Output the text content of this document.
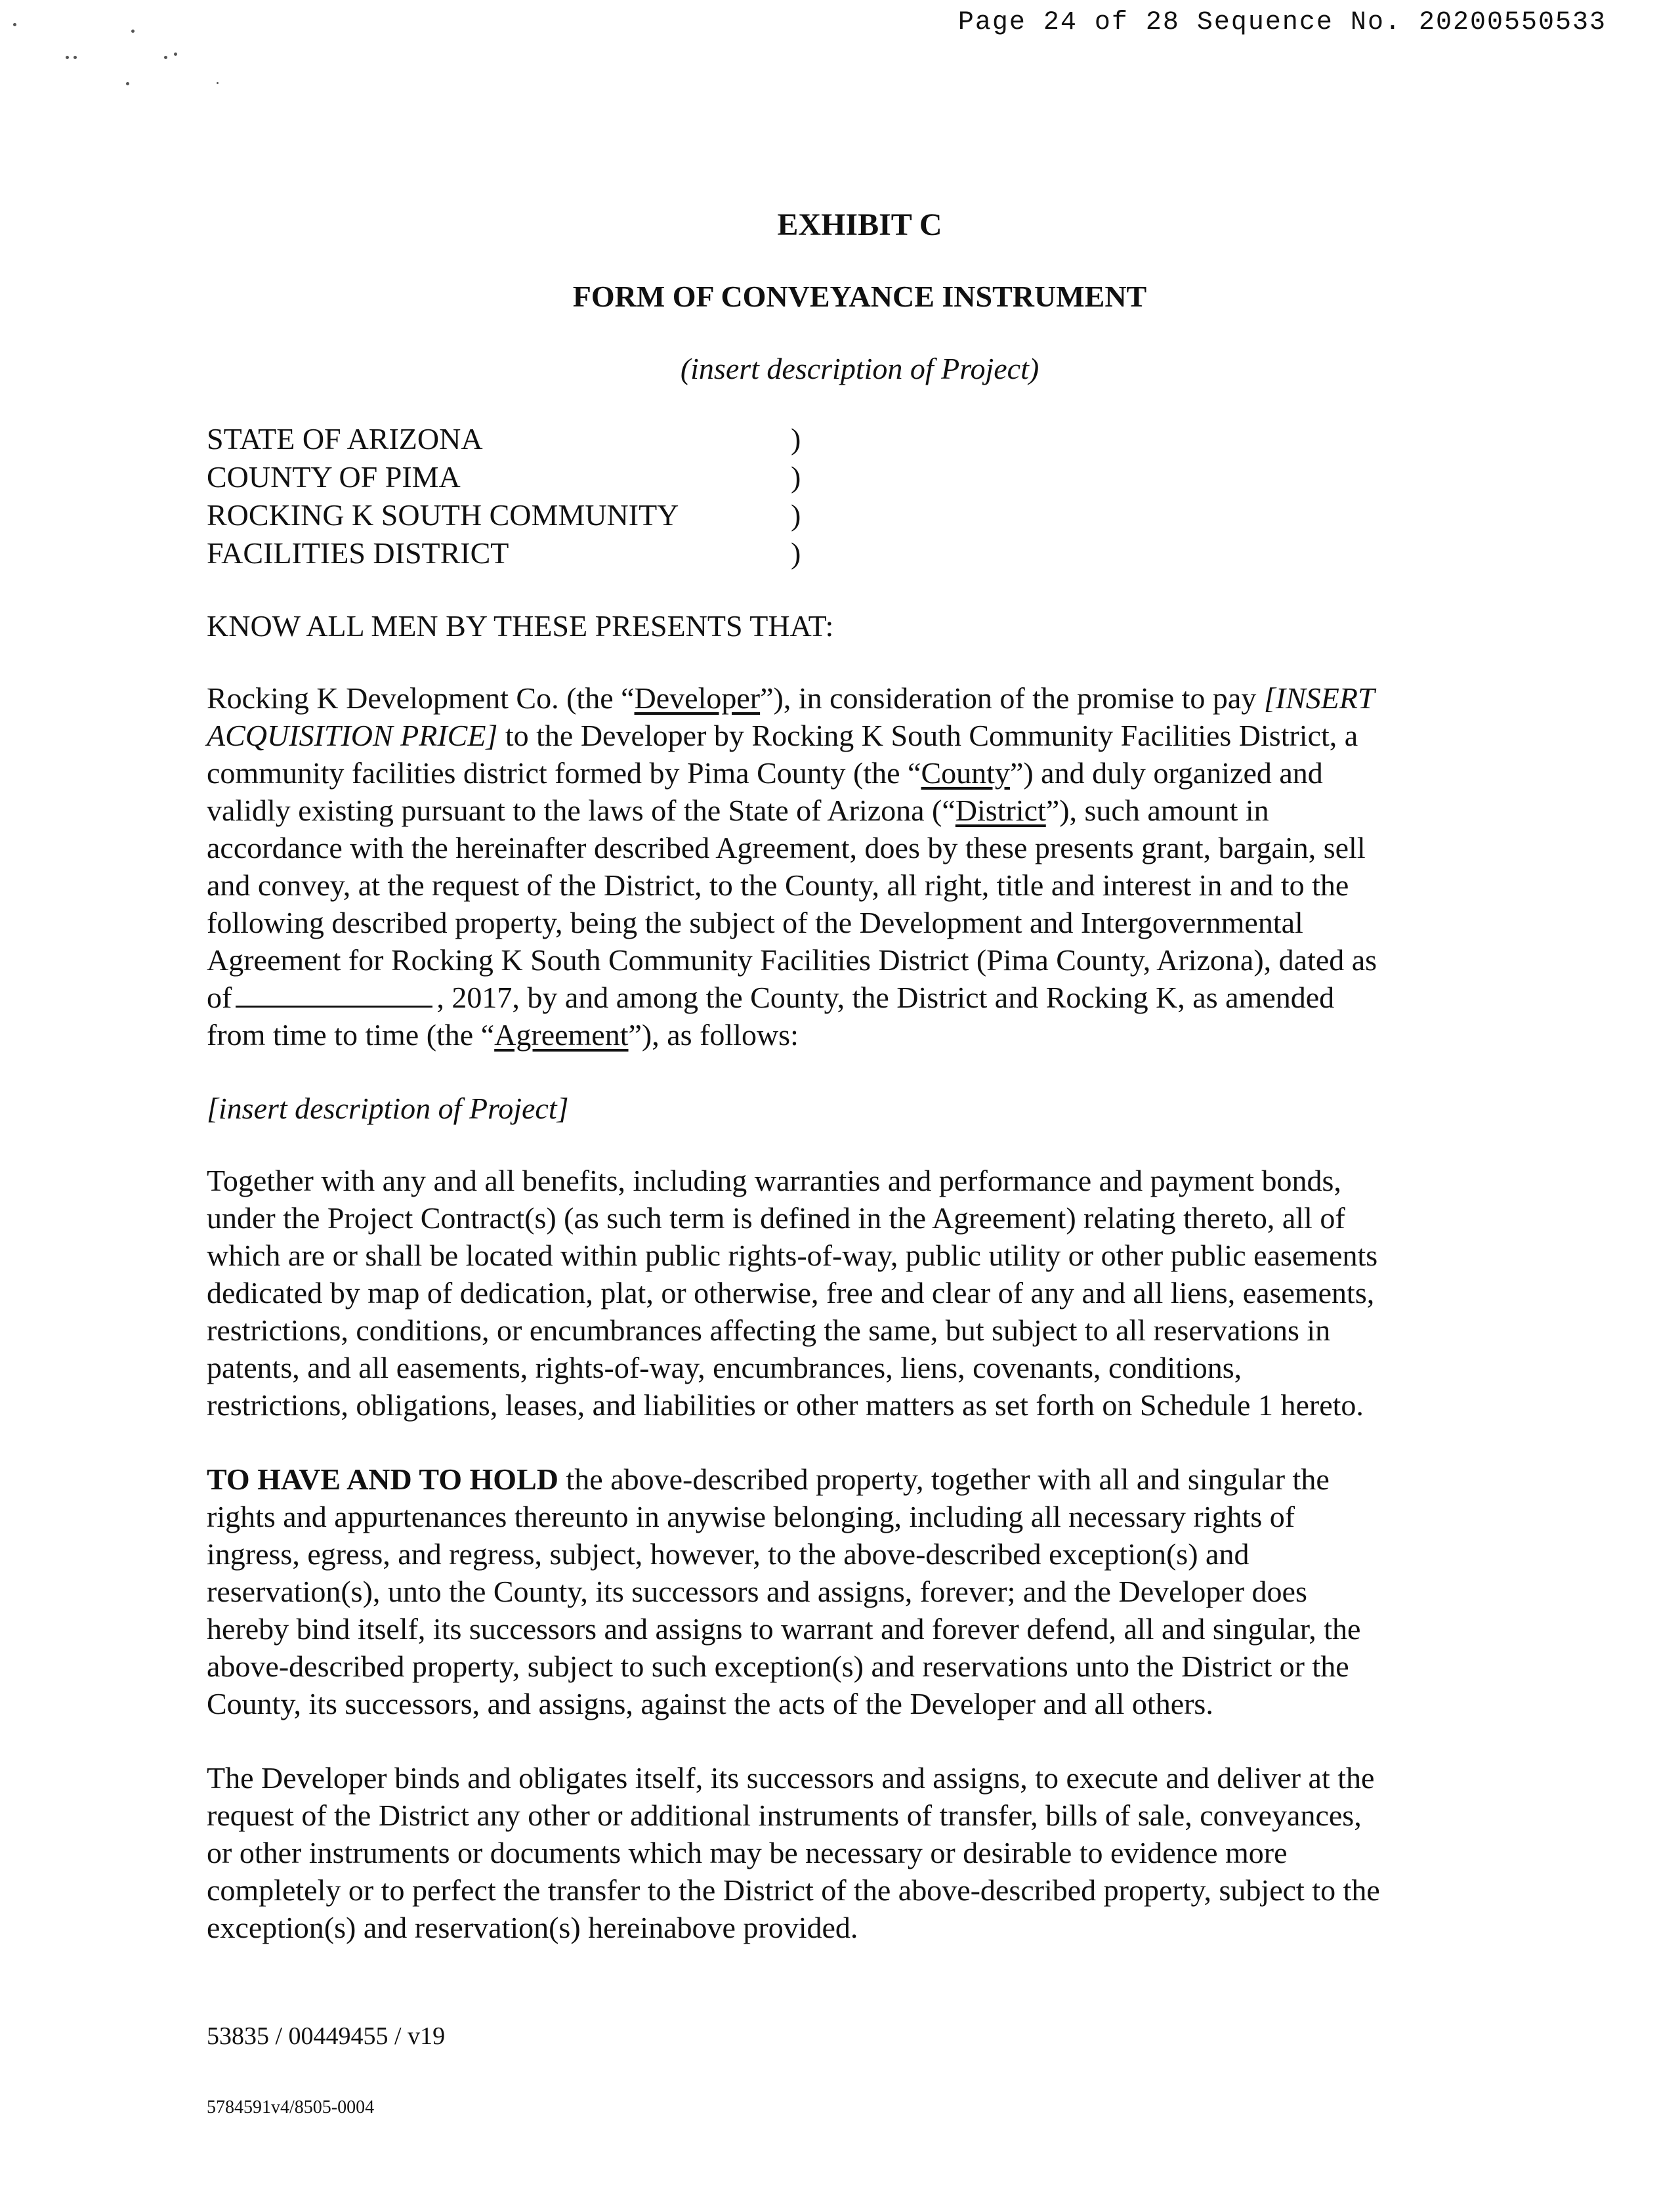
Page 24 of 28 Sequence No. 20200550533
EXHIBIT C
FORM OF CONVEYANCE INSTRUMENT
(insert description of Project)
STATE OF ARIZONA	)
COUNTY OF PIMA	)
ROCKING K SOUTH COMMUNITY	)
FACILITIES DISTRICT	)
KNOW ALL MEN BY THESE PRESENTS THAT:
Rocking K Development Co. (the “Developer”), in consideration of the promise to pay [INSERT
ACQUISITION PRICE] to the Developer by Rocking K South Community Facilities District, a
community facilities district formed by Pima County (the “County”) and duly organized and
validly existing pursuant to the laws of the State of Arizona (“District”), such amount in
accordance with the hereinafter described Agreement, does by these presents grant, bargain, sell
and convey, at the request of the District, to the County, all right, title and interest in and to the
following described property, being the subject of the Development and Intergovernmental
Agreement for Rocking K South Community Facilities District (Pima County, Arizona), dated as
of	, 2017, by and among the County, the District and Rocking K, as amended
from time to time (the “Agreement”), as follows:
[insert description of Project]
Together with any and all benefits, including warranties and performance and payment bonds,
under the Project Contract(s) (as such term is defined in the Agreement) relating thereto, all of
which are or shall be located within public rights-of-way, public utility or other public easements
dedicated by map of dedication, plat, or otherwise, free and clear of any and all liens, easements,
restrictions, conditions, or encumbrances affecting the same, but subject to all reservations in
patents, and all easements, rights-of-way, encumbrances, liens, covenants, conditions,
restrictions, obligations, leases, and liabilities or other matters as set forth on Schedule 1 hereto.
TO HAVE AND TO HOLD the above-described property, together with all and singular the
rights and appurtenances thereunto in anywise belonging, including all necessary rights of
ingress, egress, and regress, subject, however, to the above-described exception(s) and
reservation(s), unto the County, its successors and assigns, forever; and the Developer does
hereby bind itself, its successors and assigns to warrant and forever defend, all and singular, the
above-described property, subject to such exception(s) and reservations unto the District or the
County, its successors, and assigns, against the acts of the Developer and all others.
The Developer binds and obligates itself, its successors and assigns, to execute and deliver at the
request of the District any other or additional instruments of transfer, bills of sale, conveyances,
or other instruments or documents which may be necessary or desirable to evidence more
completely or to perfect the transfer to the District of the above-described property, subject to the
exception(s) and reservation(s) hereinabove provided.
53835 / 00449455 / v19
5784591v4/8505-0004
